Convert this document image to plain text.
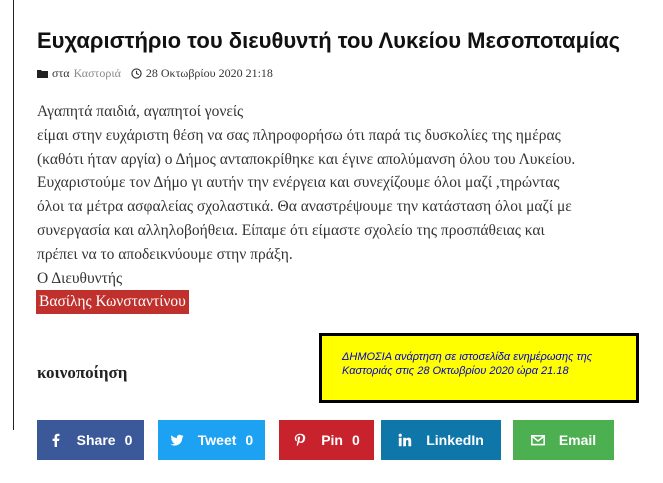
Ευχαριστήριο του διευθυντή του Λυκείου Μεσοποταμίας
στα Καστοριά 28 Οκτωβρίου 2020 21:18

Αγαπητά παιδιά, αγαπητοί γονείς

είμαι στην ευχάριστη θέση να σας πληροφορήσω ότι παρά τις δυσκολίες της ημέρας

(καθότι ήταν αργία) ο Δήμος ανταποκρίθηκε και έγινε απολύμανση όλου του Λυκείου.

Ευχαριστούμε τον Δήμο γι αυτήν την ενέργεια και συνεχίζουμε όλοι μαζί ,τηρώντας

όλοι τα μέτρα ασφαλείας σχολαστικά. Θα αναστρέψουμε την κατάσταση όλοι μαζί με

συνεργασία και αλληλοβοήθεια. Είπαμε ότι είμαστε σχολείο της προσπάθειας και

πρέπει να το αποδεικνύουμε στην πράξη.

Ο Διευθυντής

Βασίλης Κωνσταντίνου

κοινοποίηση
ΔΗΜΟΣΙΑ ανάρτηση σε ιστοσελίδα ενημέρωσης της Καστοριάς στις 28 Οκτωβρίου 2020 ώρα 21.18
Share 0	Tweet 0	Pin 0	LinkedIn	Email
